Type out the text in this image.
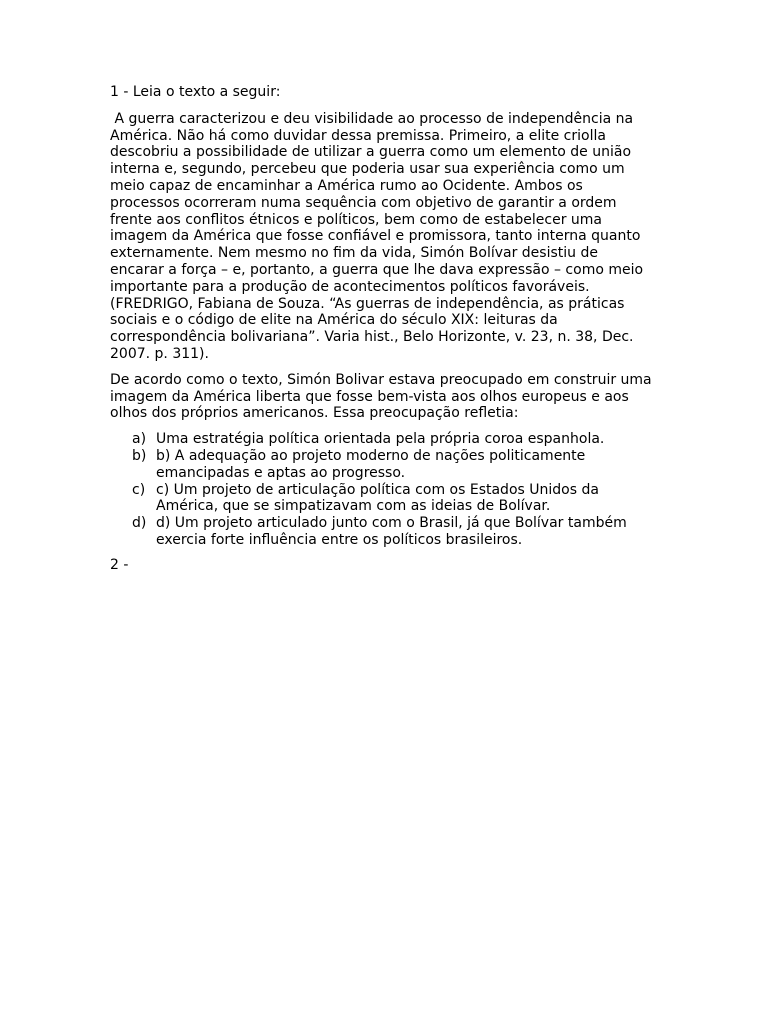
1 - Leia o texto a seguir:

A guerra caracterizou e deu visibilidade ao processo de independência na América. Não há como duvidar dessa premissa. Primeiro, a elite criolla descobriu a possibilidade de utilizar a guerra como um elemento de união interna e, segundo, percebeu que poderia usar sua experiência como um meio capaz de encaminhar a América rumo ao Ocidente. Ambos os processos ocorreram numa sequência com objetivo de garantir a ordem frente aos conflitos étnicos e políticos, bem como de estabelecer uma imagem da América que fosse confiável e promissora, tanto interna quanto externamente. Nem mesmo no fim da vida, Simón Bolívar desistiu de encarar a força – e, portanto, a guerra que lhe dava expressão – como meio importante para a produção de acontecimentos políticos favoráveis. (FREDRIGO, Fabiana de Souza. “As guerras de independência, as práticas sociais e o código de elite na América do século XIX: leituras da correspondência bolivariana”. Varia hist., Belo Horizonte, v. 23, n. 38, Dec. 2007. p. 311).

De acordo como o texto, Simón Bolivar estava preocupado em construir uma imagem da América liberta que fosse bem-vista aos olhos europeus e aos olhos dos próprios americanos. Essa preocupação refletia:

a) Uma estratégia política orientada pela própria coroa espanhola.
b) b) A adequação ao projeto moderno de nações politicamente emancipadas e aptas ao progresso.
c) c) Um projeto de articulação política com os Estados Unidos da América, que se simpatizavam com as ideias de Bolívar.
d) d) Um projeto articulado junto com o Brasil, já que Bolívar também exercia forte influência entre os políticos brasileiros.

2 -
